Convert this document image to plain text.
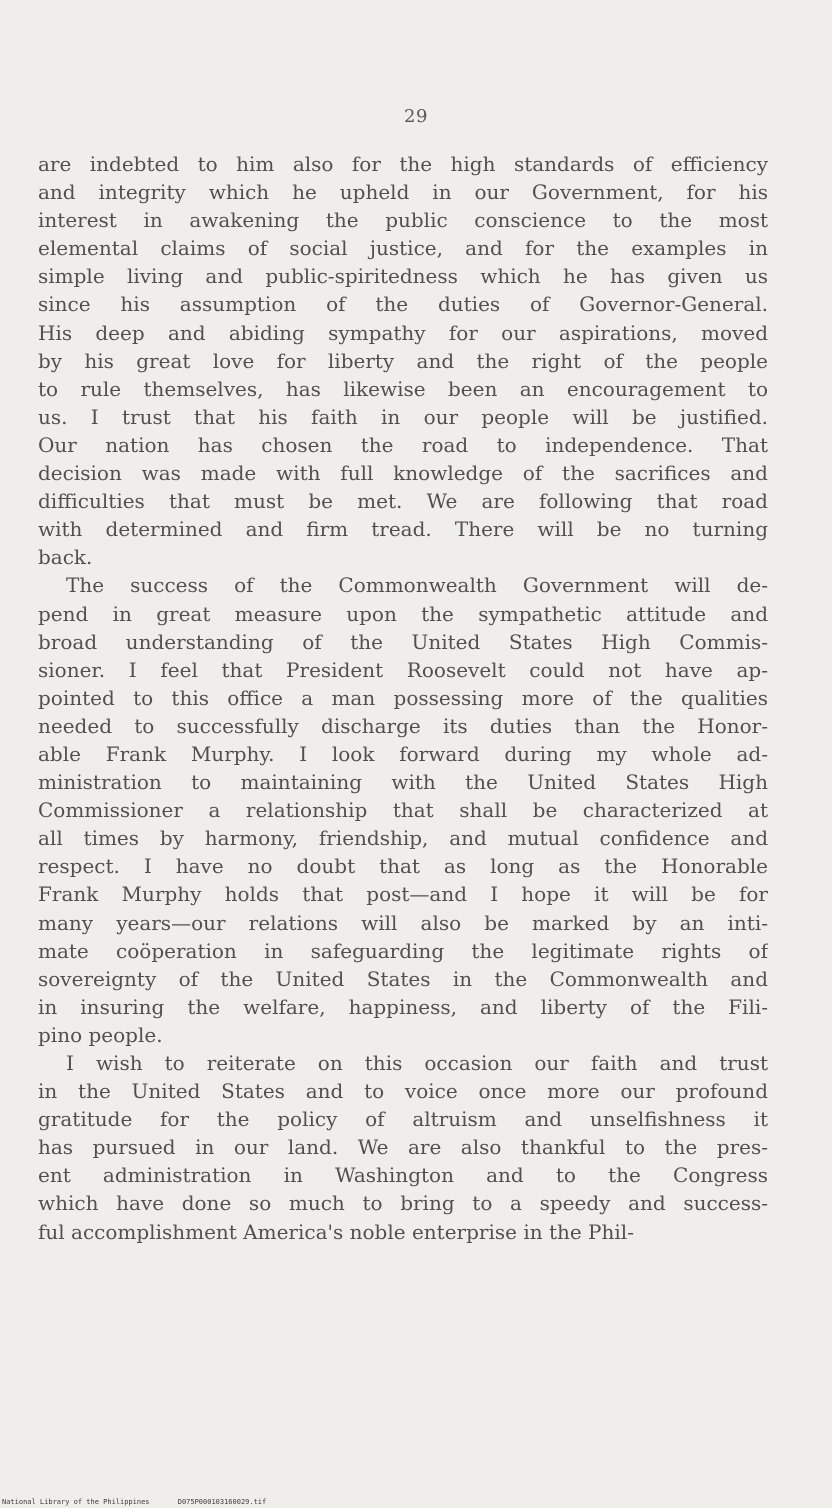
29
are indebted to him also for the high standards of efficiency
and integrity which he upheld in our Government, for his
interest in awakening the public conscience to the most
elemental claims of social justice, and for the examples in
simple living and public-spiritedness which he has given us
since his assumption of the duties of Governor-General.
His deep and abiding sympathy for our aspirations, moved
by his great love for liberty and the right of the people
to rule themselves, has likewise been an encouragement to
us. I trust that his faith in our people will be justified.
Our nation has chosen the road to independence. That
decision was made with full knowledge of the sacrifices and
difficulties that must be met. We are following that road
with determined and firm tread. There will be no turning
back.
The success of the Commonwealth Government will de-
pend in great measure upon the sympathetic attitude and
broad understanding of the United States High Commis-
sioner. I feel that President Roosevelt could not have ap-
pointed to this office a man possessing more of the qualities
needed to successfully discharge its duties than the Honor-
able Frank Murphy. I look forward during my whole ad-
ministration to maintaining with the United States High
Commissioner a relationship that shall be characterized at
all times by harmony, friendship, and mutual confidence and
respect. I have no doubt that as long as the Honorable
Frank Murphy holds that post—and I hope it will be for
many years—our relations will also be marked by an inti-
mate coöperation in safeguarding the legitimate rights of
sovereignty of the United States in the Commonwealth and
in insuring the welfare, happiness, and liberty of the Fili-
pino people.
I wish to reiterate on this occasion our faith and trust
in the United States and to voice once more our profound
gratitude for the policy of altruism and unselfishness it
has pursued in our land. We are also thankful to the pres-
ent administration in Washington and to the Congress
which have done so much to bring to a speedy and success-
ful accomplishment America's noble enterprise in the Phil-
National Library of the Philippines	D075P000103160029.tif
